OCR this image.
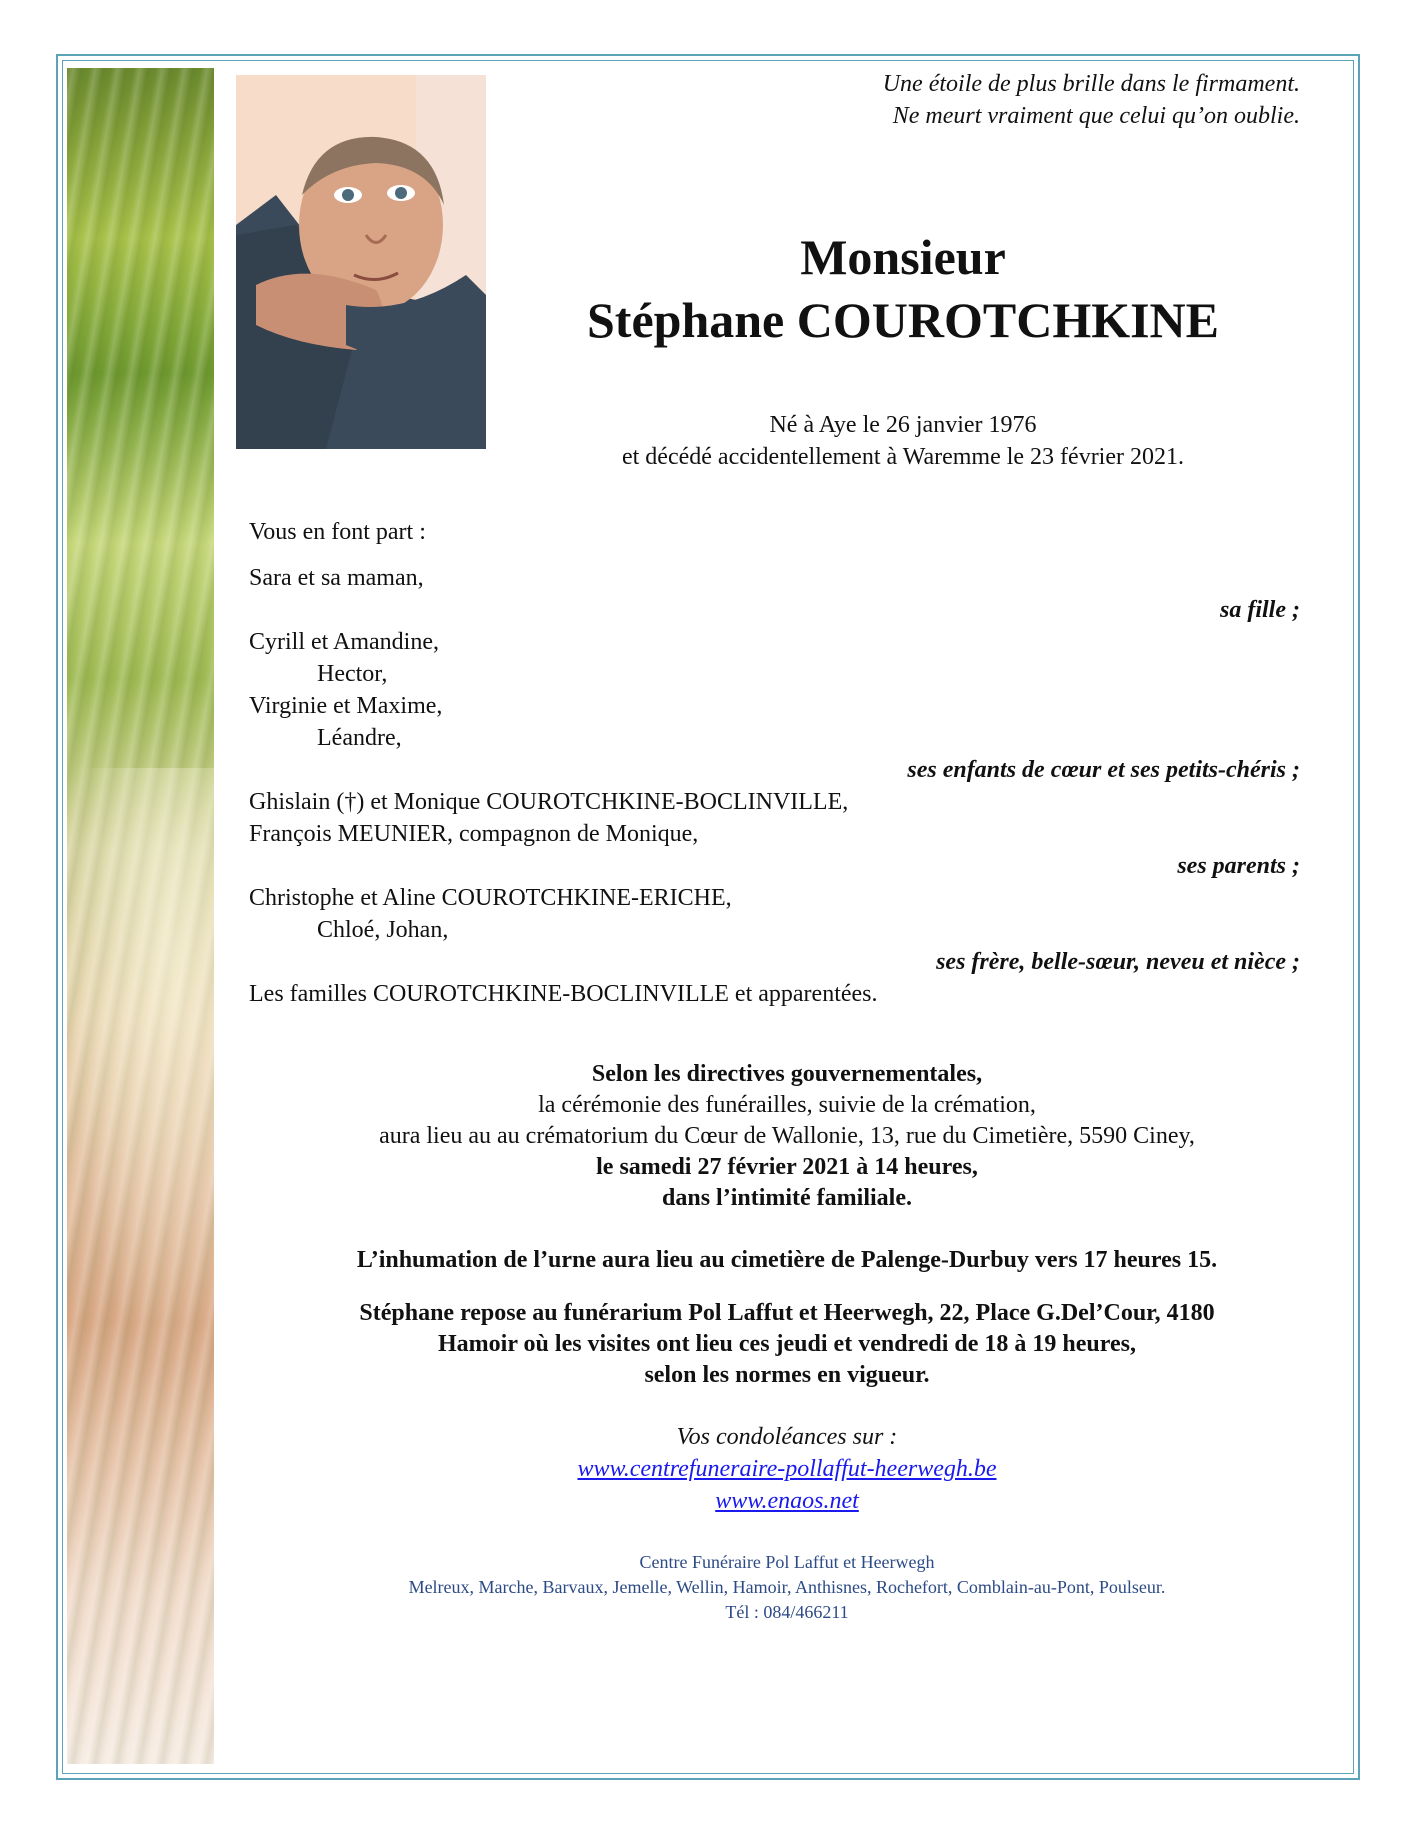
Une étoile de plus brille dans le firmament.
Ne meurt vraiment que celui qu’on oublie.
Monsieur
Stéphane COUROTCHKINE
Né à Aye le 26 janvier 1976
et décédé accidentellement à Waremme le 23 février 2021.
Vous en font part :
Sara et sa maman,
sa fille ;
Cyrill et Amandine,
Hector,
Virginie et Maxime,
Léandre,
ses enfants de cœur et ses petits-chéris ;
Ghislain (†) et Monique COUROTCHKINE-BOCLINVILLE,
François MEUNIER, compagnon de Monique,
ses parents ;
Christophe et Aline COUROTCHKINE-ERICHE,
Chloé, Johan,
ses frère, belle-sœur, neveu et nièce ;
Les familles COUROTCHKINE-BOCLINVILLE et apparentées.
Selon les directives gouvernementales,
la cérémonie des funérailles, suivie de la crémation,
aura lieu au au crématorium du Cœur de Wallonie, 13, rue du Cimetière, 5590 Ciney,
le samedi 27 février 2021 à 14 heures,
dans l’intimité familiale.
L’inhumation de l’urne aura lieu au cimetière de Palenge-Durbuy vers 17 heures 15.
Stéphane repose au funérarium Pol Laffut et Heerwegh, 22, Place G.Del’Cour, 4180
Hamoir où les visites ont lieu ces jeudi et vendredi de 18 à 19 heures,
selon les normes en vigueur.
Vos condoléances sur :
www.centrefuneraire-pollaffut-heerwegh.be
www.enaos.net
Centre Funéraire Pol Laffut et Heerwegh
Melreux, Marche, Barvaux, Jemelle, Wellin, Hamoir, Anthisnes, Rochefort, Comblain-au-Pont, Poulseur.
Tél : 084/466211
